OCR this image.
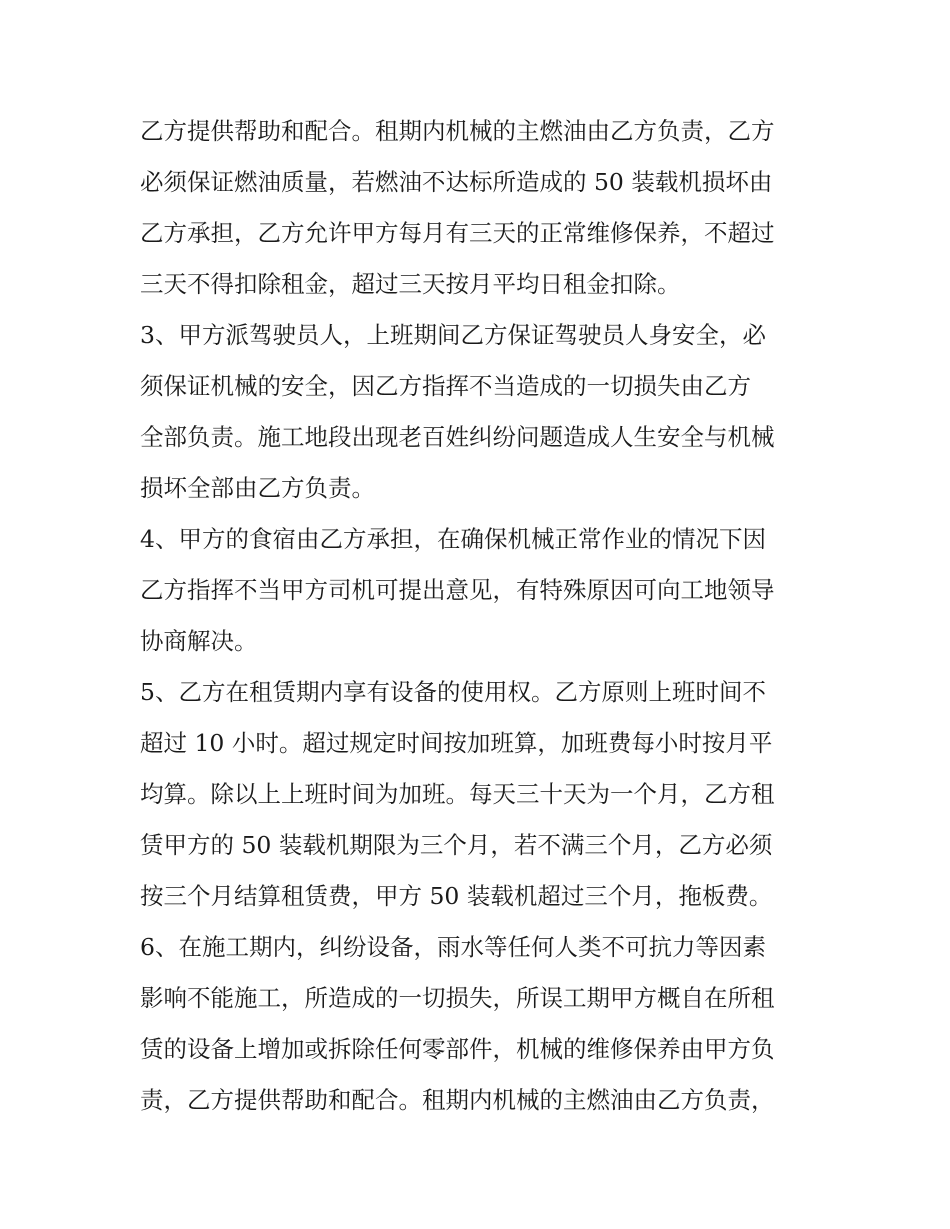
乙方提供帮助和配合。租期内机械的主燃油由乙方负责，乙方
必须保证燃油质量，若燃油不达标所造成的 50 装载机损坏由
乙方承担，乙方允许甲方每月有三天的正常维修保养，不超过
三天不得扣除租金，超过三天按月平均日租金扣除。
3、甲方派驾驶员人，上班期间乙方保证驾驶员人身安全，必
须保证机械的安全，因乙方指挥不当造成的一切损失由乙方
全部负责。施工地段出现老百姓纠纷问题造成人生安全与机械
损坏全部由乙方负责。
4、甲方的食宿由乙方承担，在确保机械正常作业的情况下因
乙方指挥不当甲方司机可提出意见，有特殊原因可向工地领导
协商解决。
5、乙方在租赁期内享有设备的使用权。乙方原则上班时间不
超过 10 小时。超过规定时间按加班算，加班费每小时按月平
均算。除以上上班时间为加班。每天三十天为一个月，乙方租
赁甲方的 50 装载机期限为三个月，若不满三个月，乙方必须
按三个月结算租赁费，甲方 50 装载机超过三个月，拖板费。
6、在施工期内，纠纷设备，雨水等任何人类不可抗力等因素
影响不能施工，所造成的一切损失，所误工期甲方概自在所租
赁的设备上增加或拆除任何零部件，机械的维修保养由甲方负
责，乙方提供帮助和配合。租期内机械的主燃油由乙方负责，
